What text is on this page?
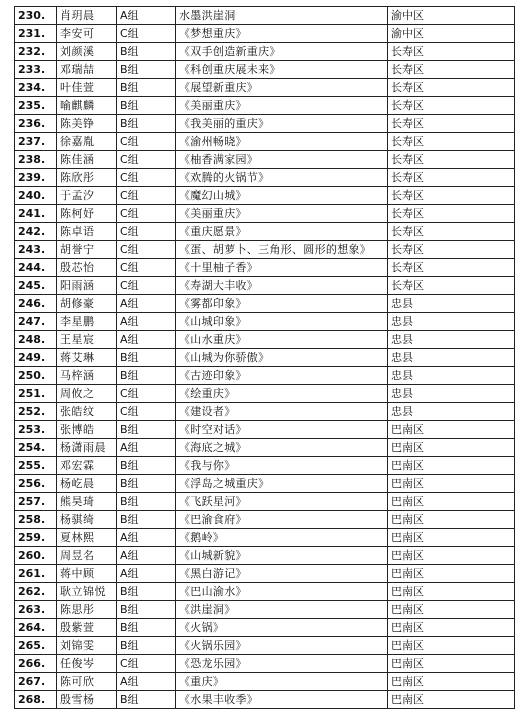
230.	肖玥晨	A组	水墨洪崖洞	渝中区
231.	李安可	C组	《梦想重庆》	渝中区
232.	刘颜溪	B组	《双手创造新重庆》	长寿区
233.	邓瑞喆	B组	《科创重庆展未来》	长寿区
234.	叶佳萱	B组	《展望新重庆》	长寿区
235.	喻麒麟	B组	《美丽重庆》	长寿区
236.	陈美铮	B组	《我美丽的重庆》	长寿区
237.	徐嘉胤	C组	《渝州畅晓》	长寿区
238.	陈佳涵	C组	《柚香满家园》	长寿区
239.	陈欣彤	C组	《欢腾的火锅节》	长寿区
240.	于孟汐	C组	《魔幻山城》	长寿区
241.	陈柯妤	C组	《美丽重庆》	长寿区
242.	陈卓语	C组	《重庆愿景》	长寿区
243.	胡誉宁	C组	《蛋、胡萝卜、三角形、圆形的想象》	长寿区
244.	殷芯怡	C组	《十里柚子香》	长寿区
245.	阳雨涵	C组	《寿湖大丰收》	长寿区
246.	胡修豪	A组	《雾都印象》	忠县
247.	李星鹏	A组	《山城印象》	忠县
248.	王星宸	A组	《山水重庆》	忠县
249.	蒋艾琳	B组	《山城为你骄傲》	忠县
250.	马梓涵	B组	《古迹印象》	忠县
251.	周攸之	C组	《绘重庆》	忠县
252.	张皓纹	C组	《建设者》	忠县
253.	张博皓	B组	《时空对话》	巴南区
254.	杨潇雨晨	A组	《海底之城》	巴南区
255.	邓宏霖	B组	《我与你》	巴南区
256.	杨屹晨	B组	《浮岛之城重庆》	巴南区
257.	熊昊琦	B组	《飞跃星河》	巴南区
258.	杨骐绮	B组	《巴渝食府》	巴南区
259.	夏林熙	A组	《鹅岭》	巴南区
260.	周昱名	A组	《山城新貌》	巴南区
261.	蒋中顾	A组	《黑白游记》	巴南区
262.	耿立锦悦	B组	《巴山渝水》	巴南区
263.	陈思彤	B组	《洪崖洞》	巴南区
264.	殷紫萱	B组	《火锅》	巴南区
265.	刘锦雯	B组	《火锅乐园》	巴南区
266.	任俊岑	C组	《恐龙乐园》	巴南区
267.	陈可欣	A组	《重庆》	巴南区
268.	殷雪杨	B组	《水果丰收季》	巴南区
